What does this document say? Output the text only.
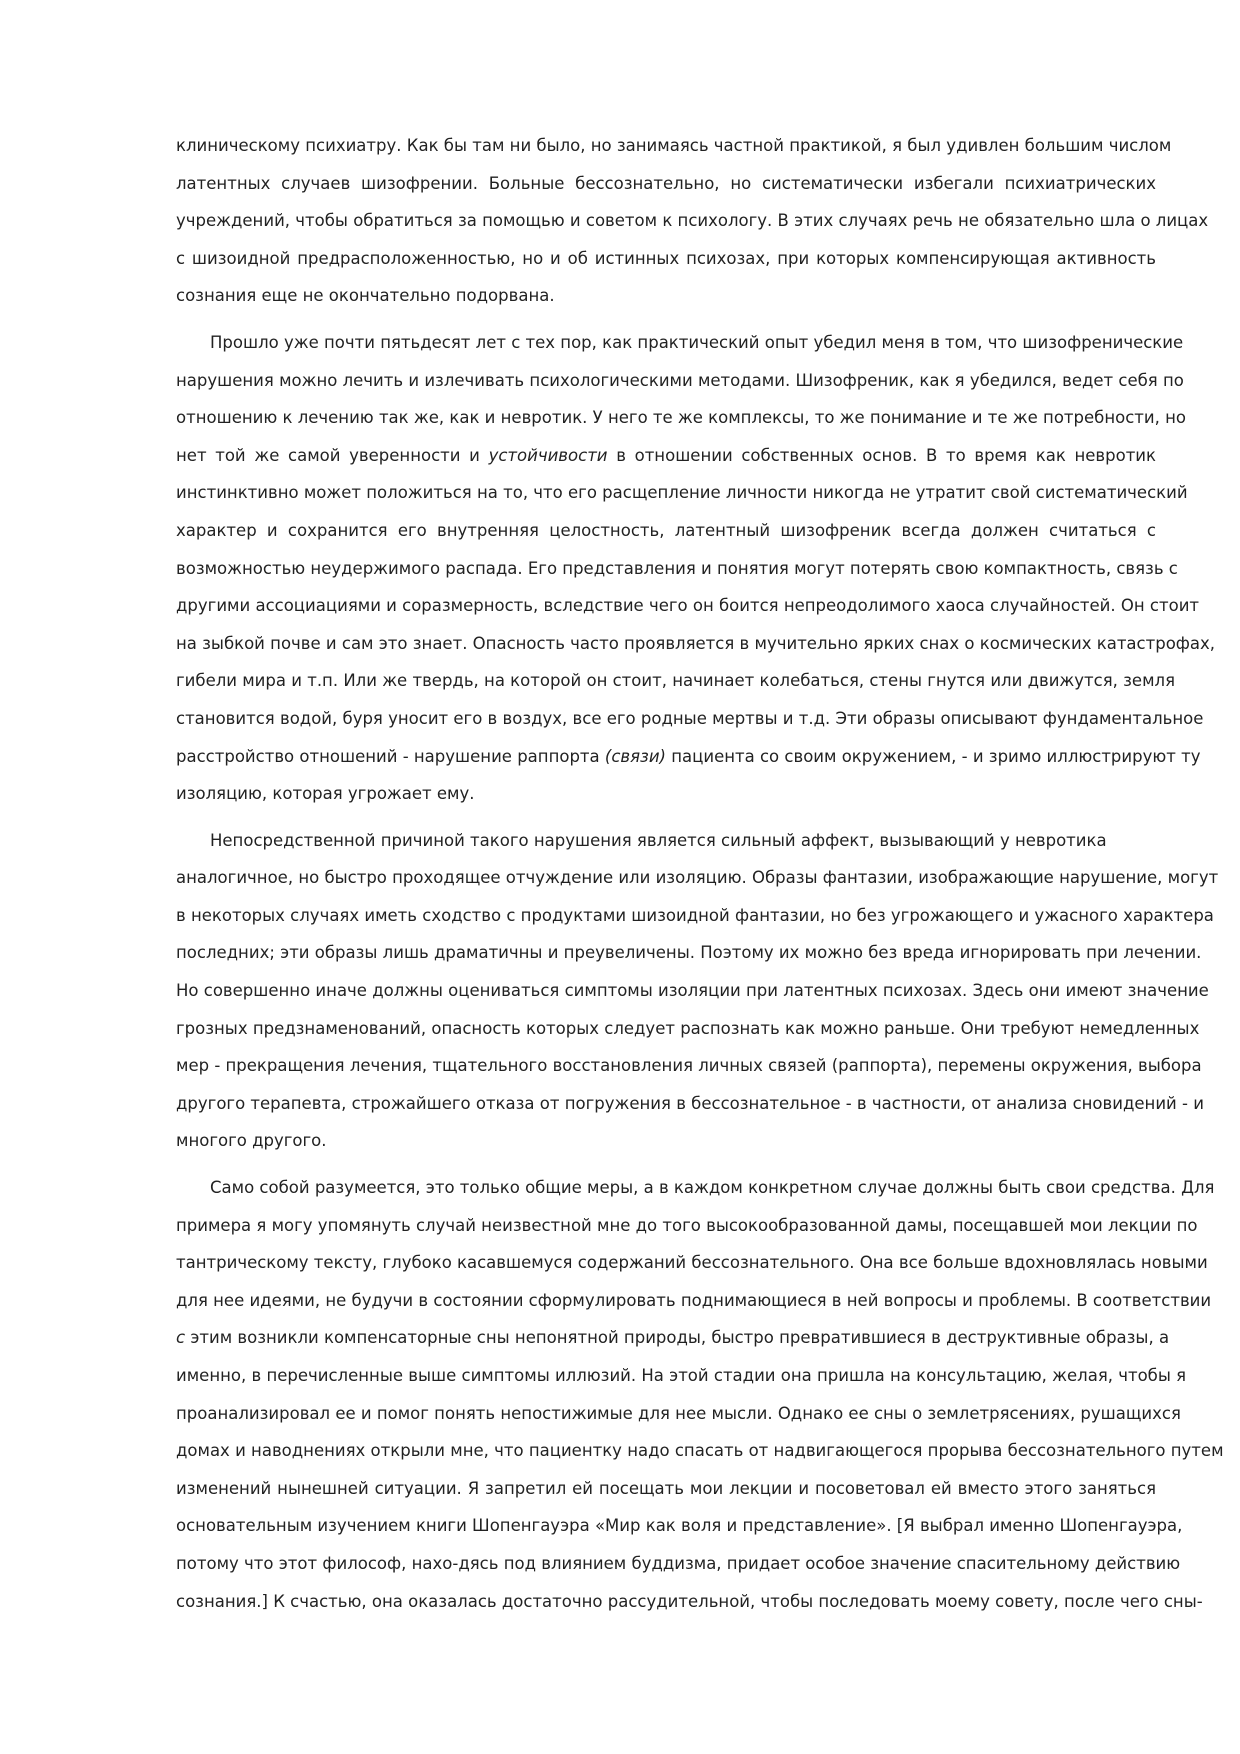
клиническому психиатру. Как бы там ни было, но занимаясь частной практикой, я был удивлен большим числом
латентных случаев шизофрении. Больные бессознательно, но систематически избегали психиатрических
учреждений, чтобы обратиться за помощью и советом к психологу. В этих случаях речь не обязательно шла о лицах
с шизоидной предрасположенностью, но и об истинных психозах, при которых компенсирующая активность
сознания еще не окончательно подорвана.
Прошло уже почти пятьдесят лет с тех пор, как практический опыт убедил меня в том, что шизофренические
нарушения можно лечить и излечивать психологическими методами. Шизофреник, как я убедился, ведет себя по
отношению к лечению так же, как и невротик. У него те же комплексы, то же понимание и те же потребности, но
нет той же самой уверенности и устойчивости в отношении собственных основ. В то время как невротик
инстинктивно может положиться на то, что его расщепление личности никогда не утратит свой систематический
характер и сохранится его внутренняя целостность, латентный шизофреник всегда должен считаться с
возможностью неудержимого распада. Его представления и понятия могут потерять свою компактность, связь с
другими ассоциациями и соразмерность, вследствие чего он боится непреодолимого хаоса случайностей. Он стоит
на зыбкой почве и сам это знает. Опасность часто проявляется в мучительно ярких снах о космических катастрофах,
гибели мира и т.п. Или же твердь, на которой он стоит, начинает колебаться, стены гнутся или движутся, земля
становится водой, буря уносит его в воздух, все его родные мертвы и т.д. Эти образы описывают фундаментальное
расстройство отношений - нарушение раппорта (связи) пациента со своим окружением, - и зримо иллюстрируют ту
изоляцию, которая угрожает ему.
Непосредственной причиной такого нарушения является сильный аффект, вызывающий у невротика
аналогичное, но быстро проходящее отчуждение или изоляцию. Образы фантазии, изображающие нарушение, могут
в некоторых случаях иметь сходство с продуктами шизоидной фантазии, но без угрожающего и ужасного характера
последних; эти образы лишь драматичны и преувеличены. Поэтому их можно без вреда игнорировать при лечении.
Но совершенно иначе должны оцениваться симптомы изоляции при латентных психозах. Здесь они имеют значение
грозных предзнаменований, опасность которых следует распознать как можно раньше. Они требуют немедленных
мер - прекращения лечения, тщательного восстановления личных связей (раппорта), перемены окружения, выбора
другого терапевта, строжайшего отказа от погружения в бессознательное - в частности, от анализа сновидений - и
многого другого.
Само собой разумеется, это только общие меры, а в каждом конкретном случае должны быть свои средства. Для
примера я могу упомянуть случай неизвестной мне до того высокообразованной дамы, посещавшей мои лекции по
тантрическому тексту, глубоко касавшемуся содержаний бессознательного. Она все больше вдохновлялась новыми
для нее идеями, не будучи в состоянии сформулировать поднимающиеся в ней вопросы и проблемы. В соответствии
с этим возникли компенсаторные сны непонятной природы, быстро превратившиеся в деструктивные образы, а
именно, в перечисленные выше симптомы иллюзий. На этой стадии она пришла на консультацию, желая, чтобы я
проанализировал ее и помог понять непостижимые для нее мысли. Однако ее сны о землетрясениях, рушащихся
домах и наводнениях открыли мне, что пациентку надо спасать от надвигающегося прорыва бессознательного путем
изменений нынешней ситуации. Я запретил ей посещать мои лекции и посоветовал ей вместо этого заняться
основательным изучением книги Шопенгауэра «Мир как воля и представление». [Я выбрал именно Шопенгауэра,
потому что этот философ, нахо-дясь под влиянием буддизма, придает особое значение спасительному действию
сознания.] К счастью, она оказалась достаточно рассудительной, чтобы последовать моему совету, после чего сны-
